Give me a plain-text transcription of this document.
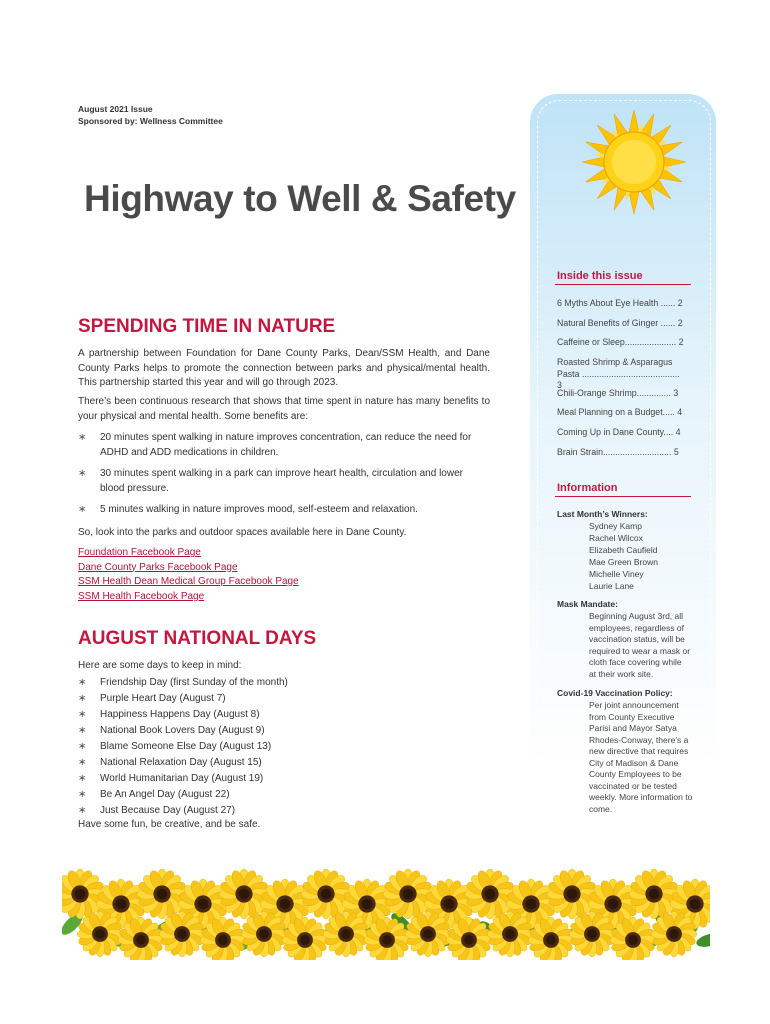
August 2021 Issue
Sponsored by: Wellness Committee
Highway to Well & Safety
Inside this issue
6 Myths About Eye Health ...... 2
Natural Benefits of Ginger ...... 2
Caffeine or Sleep..................... 2
Roasted Shrimp & Asparagus Pasta ........................................ 3
Chili-Orange Shrimp.............. 3
Meal Planning on a Budget..... 4
Coming Up in Dane County.... 4
Brain Strain............................ 5
Information
Last Month’s Winners:
Sydney Kamp
Rachel Wilcox
Elizabeth Caufield
Mae Green Brown
Michelle Viney
Laurie Lane
Mask Mandate:
Beginning August 3rd, all employees, regardless of vaccination status, will be required to wear a mask or cloth face covering while at their work site.
Covid-19 Vaccination Policy:
Per joint announcement from County Executive Parisi and Mayor Satya Rhodes-Conway, there’s a new directive that requires City of Madison & Dane County Employees to be vaccinated or be tested weekly. More information to come.
SPENDING TIME IN NATURE
A partnership between Foundation for Dane County Parks, Dean/SSM Health, and Dane County Parks helps to promote the connection between parks and physical/mental health. This partnership started this year and will go through 2023.
There’s been continuous research that shows that time spent in nature has many benefits to your physical and mental health. Some benefits are:
∗ 20 minutes spent walking in nature improves concentration, can reduce the need for ADHD and ADD medications in children.
∗ 30 minutes spent walking in a park can improve heart health, circulation and lower blood pressure.
∗ 5 minutes walking in nature improves mood, self-esteem and relaxation.
So, look into the parks and outdoor spaces available here in Dane County.
Foundation Facebook Page
Dane County Parks Facebook Page
SSM Health Dean Medical Group Facebook Page
SSM Health Facebook Page
AUGUST NATIONAL DAYS
Here are some days to keep in mind:
∗ Friendship Day (first Sunday of the month)
∗ Purple Heart Day (August 7)
∗ Happiness Happens Day (August 8)
∗ National Book Lovers Day (August 9)
∗ Blame Someone Else Day (August 13)
∗ National Relaxation Day (August 15)
∗ World Humanitarian Day (August 19)
∗ Be An Angel Day (August 22)
∗ Just Because Day (August 27)
Have some fun, be creative, and be safe.
